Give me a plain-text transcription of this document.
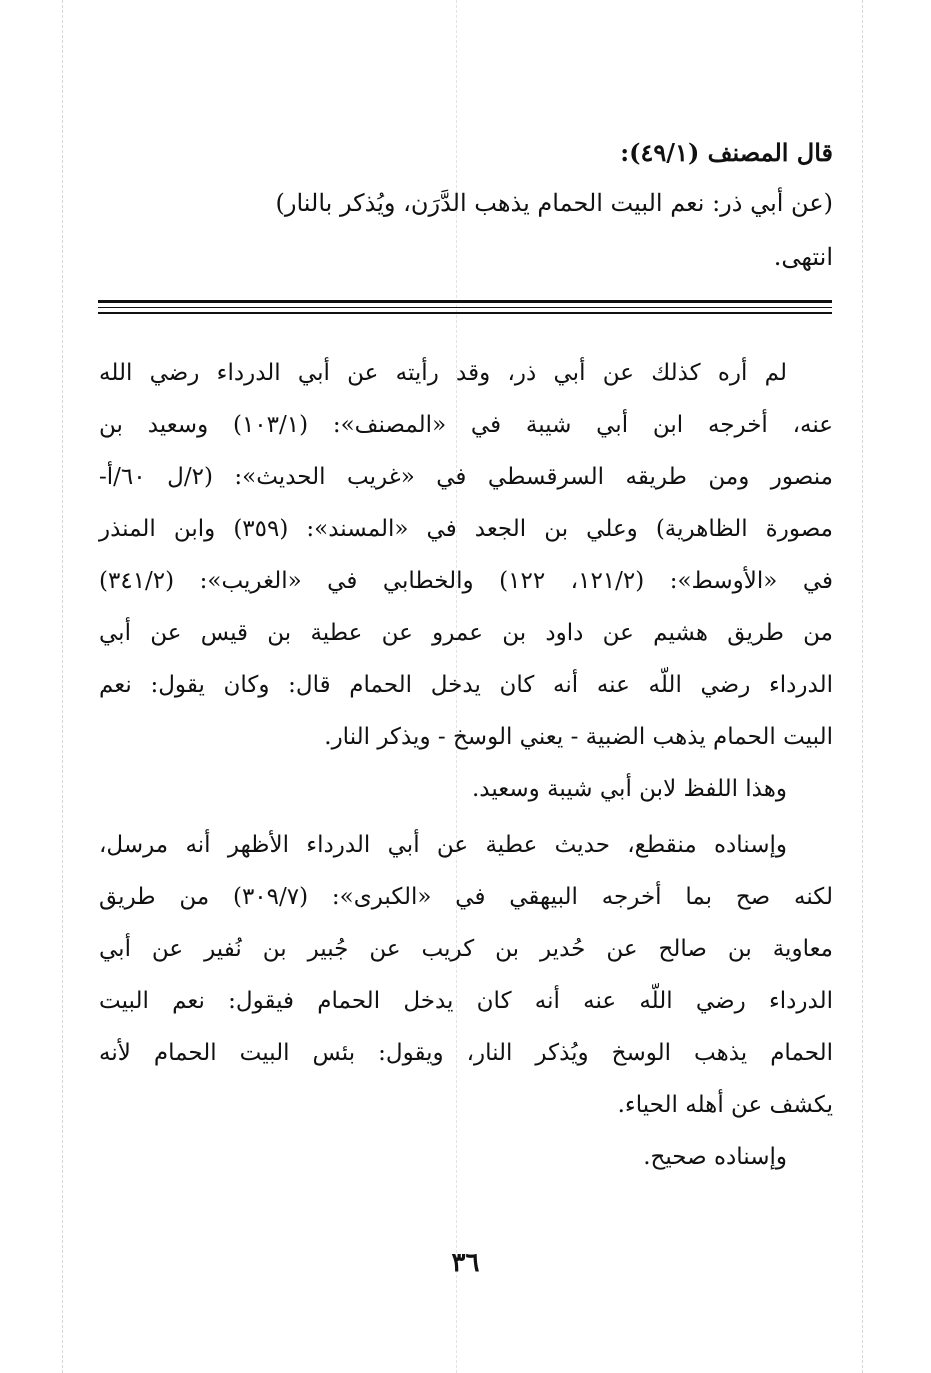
قال المصنف (٤٩/١):
(عن أبي ذر: نعم البيت الحمام يذهب الدَّرَن، ويُذكر بالنار)
انتهى.
لم أره كذلك عن أبي ذر، وقد رأيته عن أبي الدرداء رضي الله
عنه، أخرجه ابن أبي شيبة في «المصنف»: (١٠٣/١) وسعيد بن
منصور ومن طريقه السرقسطي في «غريب الحديث»: (٢/ل ٦٠/أ-
مصورة الظاهرية) وعلي بن الجعد في «المسند»: (٣٥٩) وابن المنذر
في «الأوسط»: (١٢١/٢، ١٢٢) والخطابي في «الغريب»: (٣٤١/٢)
من طريق هشيم عن داود بن عمرو عن عطية بن قيس عن أبي
الدرداء رضي اللّه عنه أنه كان يدخل الحمام قال: وكان يقول: نعم
البيت الحمام يذهب الضبية - يعني الوسخ - ويذكر النار.
وهذا اللفظ لابن أبي شيبة وسعيد.
وإسناده منقطع، حديث عطية عن أبي الدرداء الأظهر أنه مرسل،
لكنه صح بما أخرجه البيهقي في «الكبرى»: (٣٠٩/٧) من طريق
معاوية بن صالح عن حُدير بن كريب عن جُبير بن نُفير عن أبي
الدرداء رضي اللّه عنه أنه كان يدخل الحمام فيقول: نعم البيت
الحمام يذهب الوسخ ويُذكر النار، ويقول: بئس البيت الحمام لأنه
يكشف عن أهله الحياء.
وإسناده صحيح.
٣٦
